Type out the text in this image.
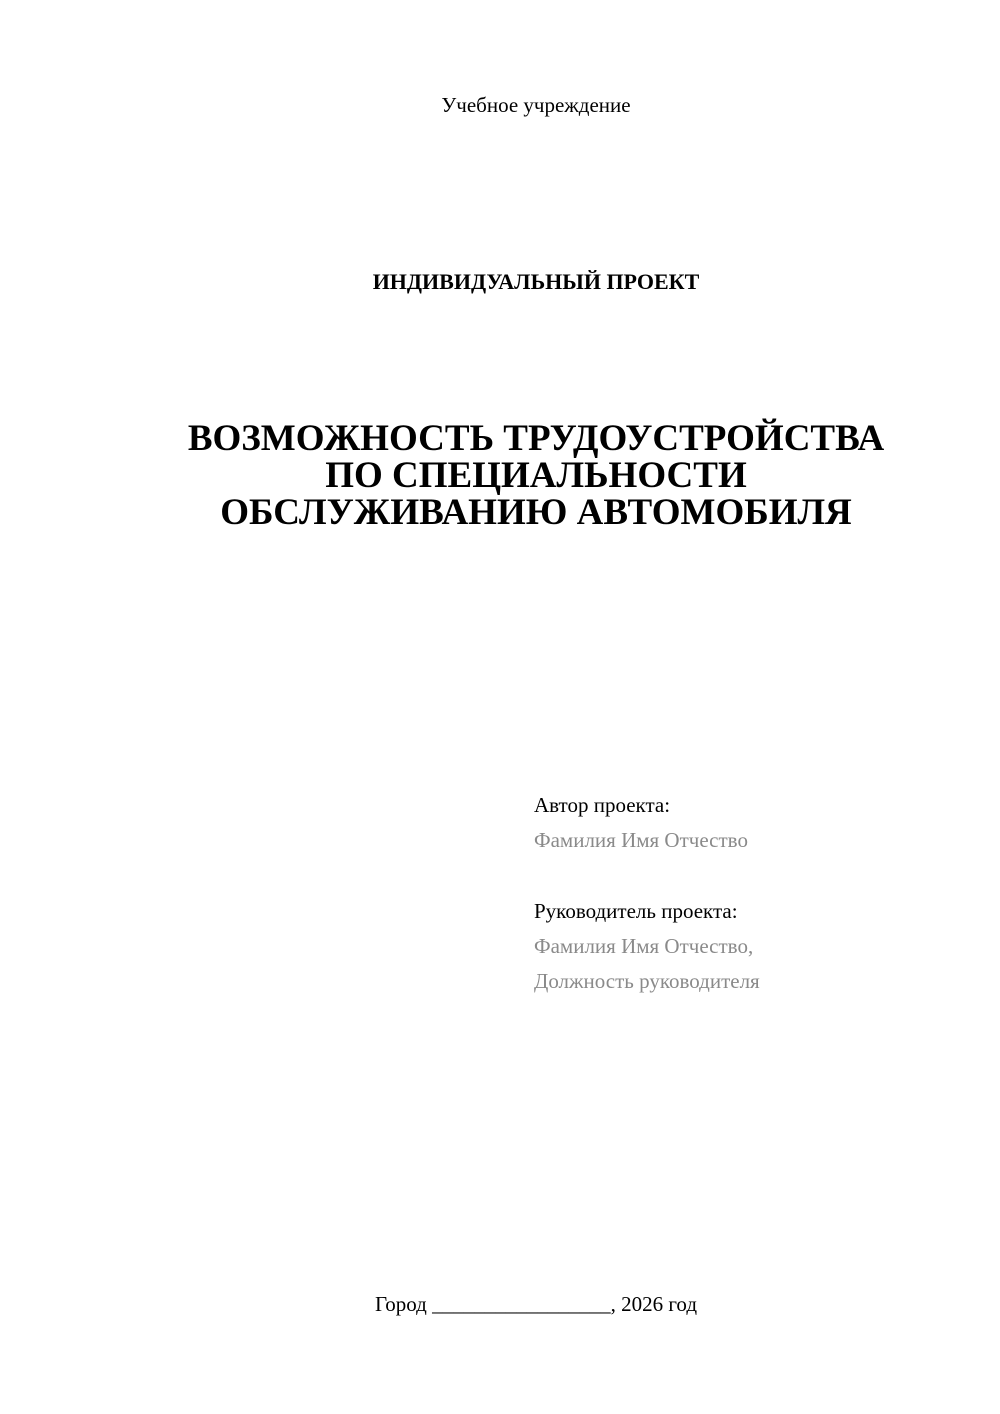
Учебное учреждение
ИНДИВИДУАЛЬНЫЙ ПРОЕКТ
ВОЗМОЖНОСТЬ ТРУДОУСТРОЙСТВА
ПО СПЕЦИАЛЬНОСТИ
ОБСЛУЖИВАНИЮ АВТОМОБИЛЯ
Автор проекта:
Фамилия Имя Отчество
Руководитель проекта:
Фамилия Имя Отчество,
Должность руководителя
Город _________________, 2026 год
